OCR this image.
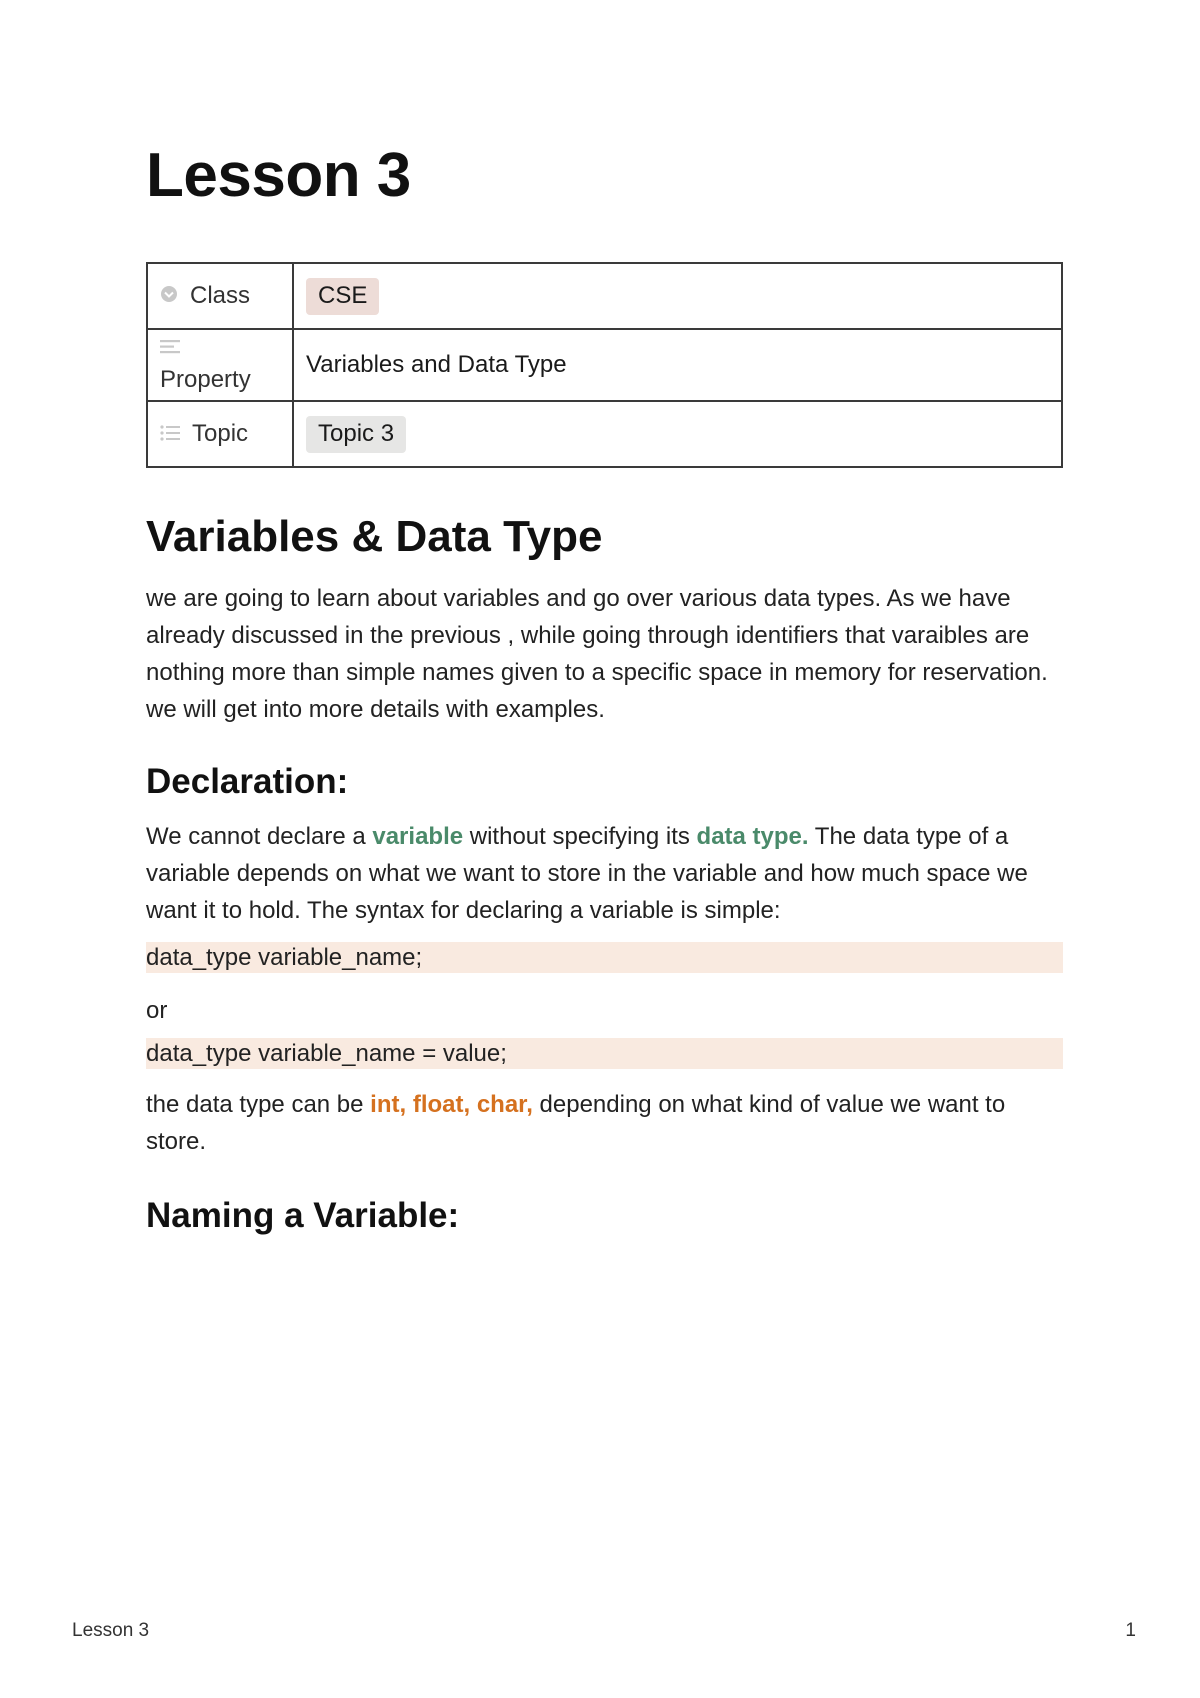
Lesson 3
Class	CSE

Property	Variables and Data Type

Topic	Topic 3
Variables & Data Type

we are going to learn about variables and go over various data types. As we have already discussed in the previous , while going through identifiers that varaibles are nothing more than simple names given to a specific space in memory for reservation. we will get into more details with examples.

Declaration:

We cannot declare a variable without specifying its data type. The data type of a variable depends on what we want to store in the variable and how much space we want it to hold. The syntax for declaring a variable is simple:

data_type variable_name;

or

data_type variable_name = value;

the data type can be int, float, char, depending on what kind of value we want to store.

Naming a Variable:
Lesson 3	1
